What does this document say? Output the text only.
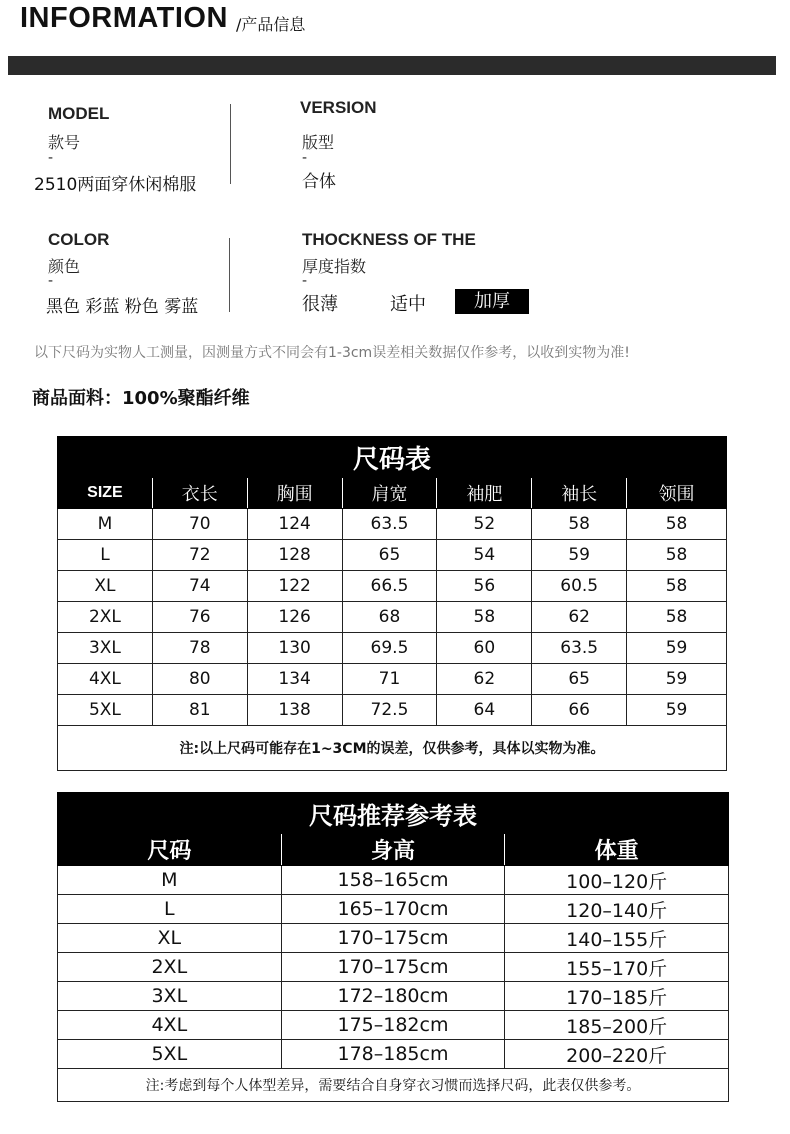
INFORMATION /产品信息
MODEL
款号
-
2510两面穿休闲棉服
VERSION
版型
-
合体
COLOR
颜色
-
黑色 彩蓝 粉色 雾蓝
THOCKNESS OF THE
厚度指数
-
很薄	适中	加厚
以下尺码为实物人工测量，因测量方式不同会有1-3cm误差相关数据仅作参考，以收到实物为准!
商品面料：100%聚酯纤维
尺码表						
SIZE	衣长	胸围	肩宽	袖肥	袖长	领围
M	70	124	63.5	52	58	58
L	72	128	65	54	59	58
XL	74	122	66.5	56	60.5	58
2XL	76	126	68	58	62	58
3XL	78	130	69.5	60	63.5	59
4XL	80	134	71	62	65	59
5XL	81	138	72.5	64	66	59
注:以上尺码可能存在1~3CM的误差，仅供参考，具体以实物为准。						
尺码推荐参考表		
尺码	身高	体重
M	158–165cm	100–120斤
L	165–170cm	120–140斤
XL	170–175cm	140–155斤
2XL	170–175cm	155–170斤
3XL	172–180cm	170–185斤
4XL	175–182cm	185–200斤
5XL	178–185cm	200–220斤
注:考虑到每个人体型差异，需要结合自身穿衣习惯而选择尺码，此表仅供参考。		
